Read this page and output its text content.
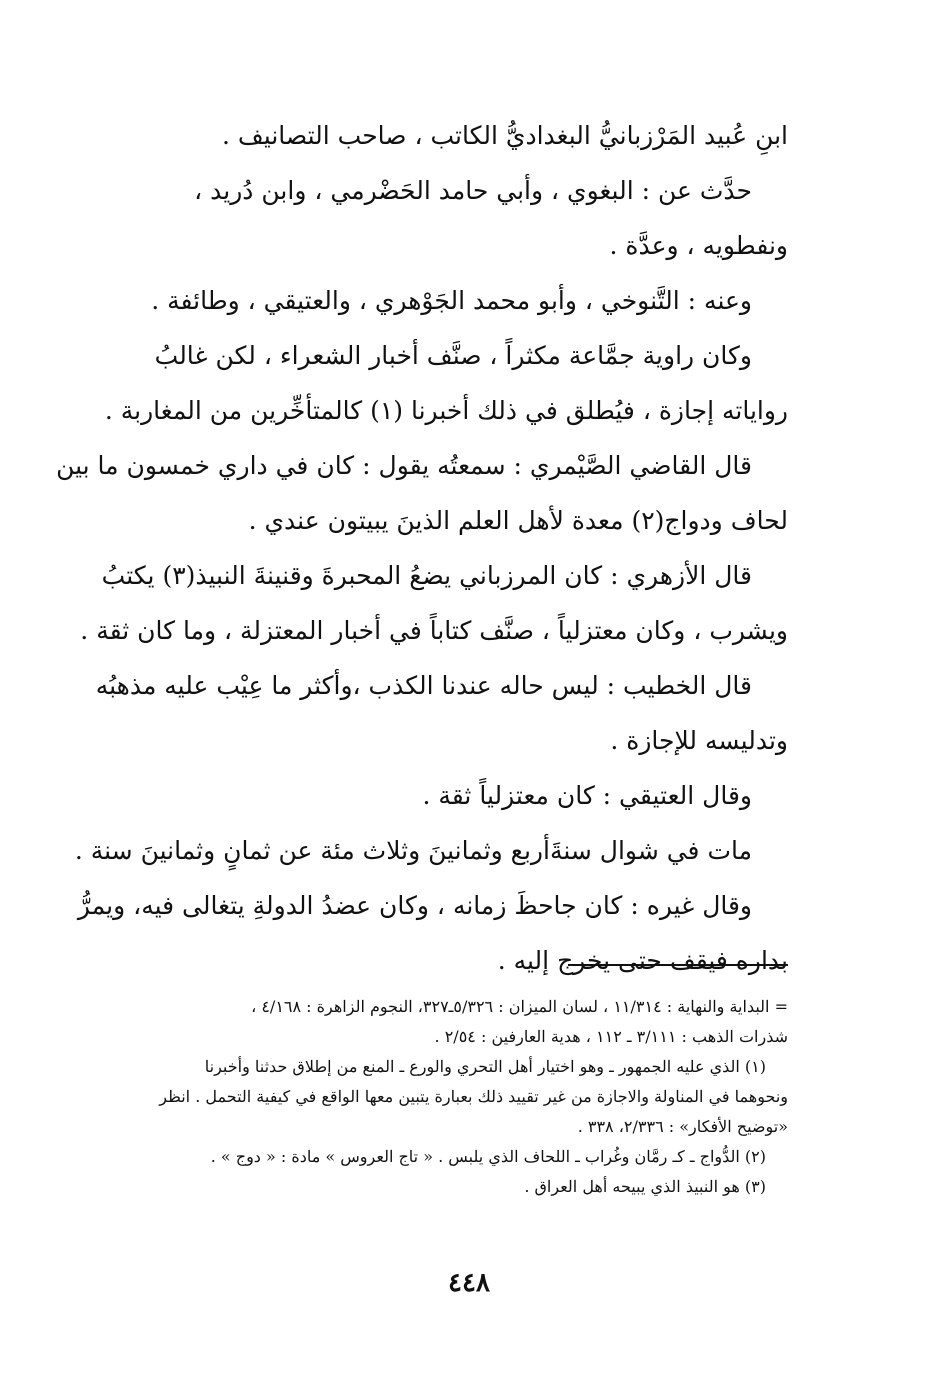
ابنِ عُبيد المَرْزبانيُّ البغداديُّ الكاتب ، صاحب التصانيف .
حدَّث عن : البغوي ، وأبي حامد الحَضْرمي ، وابن دُريد ،
ونفطويه ، وعدَّة .
وعنه : التَّنوخي ، وأبو محمد الجَوْهري ، والعتيقي ، وطائفة .
وكان راوية جمَّاعة مكثراً ، صنَّف أخبار الشعراء ، لكن غالبُ
رواياته إجازة ، فيُطلق في ذلك أخبرنا (١) كالمتأخِّرين من المغاربة .
قال القاضي الصَّيْمري : سمعتُه يقول : كان في داري خمسون ما بين
لحاف ودواج(٢) معدة لأهل العلم الذينَ يبيتون عندي .
قال الأزهري : كان المرزباني يضعُ المحبرةَ وقنينةَ النبيذ(٣) يكتبُ
ويشرب ، وكان معتزلياً ، صنَّف كتاباً في أخبار المعتزلة ، وما كان ثقة .
قال الخطيب : ليس حاله عندنا الكذب ،وأكثر ما عِيْب عليه مذهبُه
وتدليسه للإجازة .
وقال العتيقي : كان معتزلياً ثقة .
مات في شوال سنةَأربع وثمانينَ وثلاث مئة عن ثمانٍ وثمانينَ سنة .
وقال غيره : كان جاحظَ زمانه ، وكان عضدُ الدولةِ يتغالى فيه، ويمرُّ
بداره فيقف حتى يخرج إليه .
= البداية والنهاية : ١١/٣١٤ ، لسان الميزان : ٥/٣٢٦ـ٣٢٧، النجوم الزاهرة : ٤/١٦٨ ،
شذرات الذهب : ٣/١١١ ـ ١١٢ ، هدية العارفين : ٢/٥٤ .
(١) الذي عليه الجمهور ـ وهو اختيار أهل التحري والورع ـ المنع من إطلاق حدثنا وأخبرنا
ونحوهما في المناولة والاجازة من غير تقييد ذلك بعبارة يتبين معها الواقع في كيفية التحمل . انظر
«توضيح الأفكار» : ٢/٣٣٦، ٣٣٨ .
(٢) الدُّواج ـ كـ رمَّان وغُراب ـ اللحاف الذي يلبس . « تاج العروس » مادة : « دوج » .
(٣) هو النبيذ الذي يبيحه أهل العراق .
٤٤٨
